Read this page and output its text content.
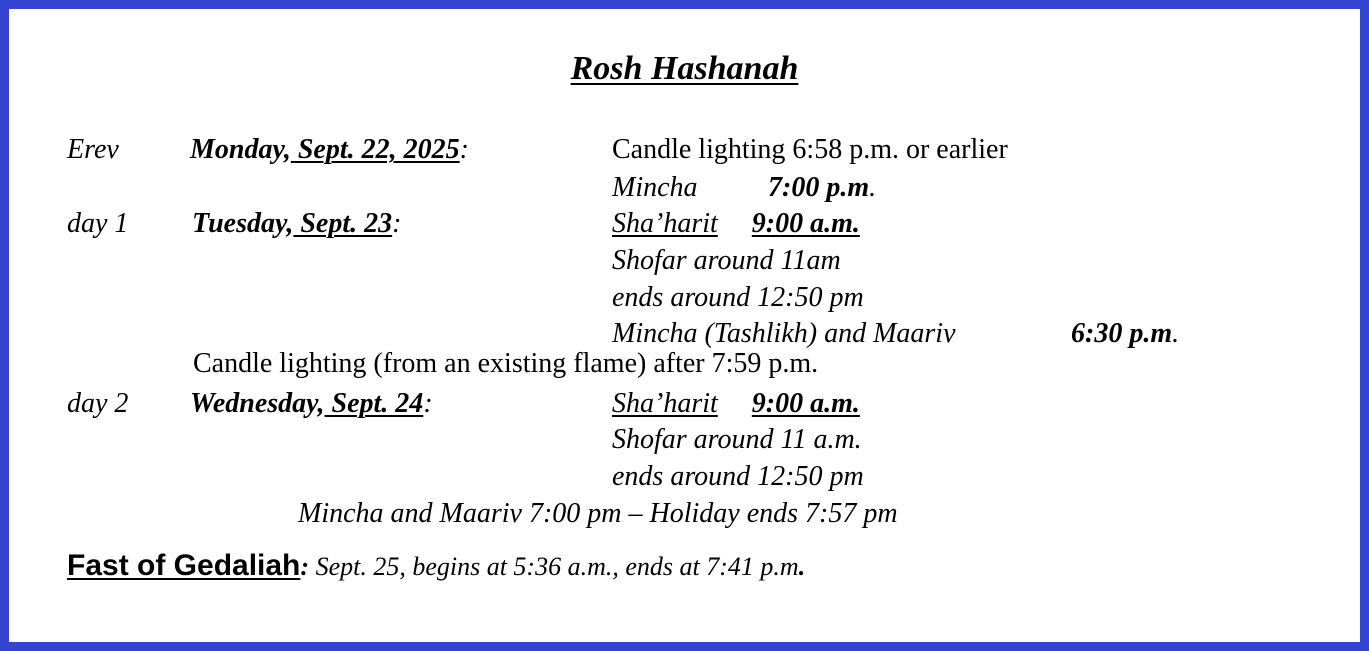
Rosh Hashanah
Erev	Monday, Sept. 22, 2025:	Candle lighting 6:58 p.m. or earlier
Mincha	7:00 p.m.
day 1 Tuesday, Sept. 23:	Sha’harit 9:00 a.m.
Shofar around 11am
ends around 12:50 pm
Mincha (Tashlikh) and Maariv	6:30 p.m.
Candle lighting (from an existing flame) after 7:59 p.m.
day 2 Wednesday, Sept. 24:	Sha’harit 9:00 a.m.
Shofar around 11 a.m.
ends around 12:50 pm
Mincha and Maariv 7:00 pm – Holiday ends 7:57 pm
Fast of Gedaliah: Sept. 25, begins at 5:36 a.m., ends at 7:41 p.m.
